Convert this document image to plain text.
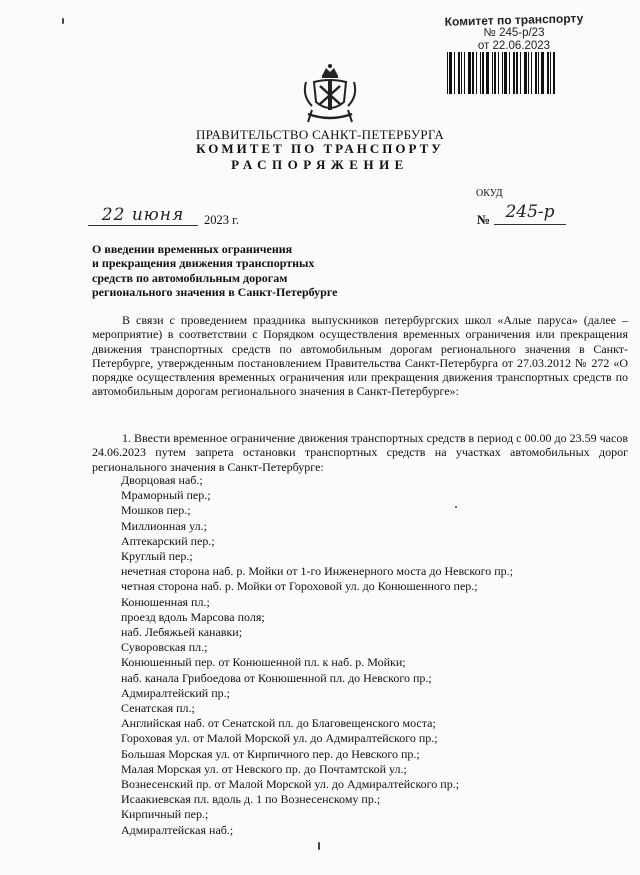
Комитет по транспорту
№ 245-р/23
от 22.06.2023
ПРАВИТЕЛЬСТВО САНКТ-ПЕТЕРБУРГА
КОМИТЕТ ПО ТРАНСПОРТУ
РАСПОРЯЖЕНИЕ
ОКУД
22 июня	2023 г.	№ 245-р
О введении временных ограничения
и прекращения движения транспортных
средств по автомобильным дорогам
регионального значения в Санкт-Петербурге
В связи с проведением праздника выпускников петербургских школ «Алые паруса» (далее – мероприятие) в соответствии с Порядком осуществления временных ограничения или прекращения движения транспортных средств по автомобильным дорогам регионального значения в Санкт-Петербурге, утвержденным постановлением Правительства Санкт-Петербурга от 27.03.2012 № 272 «О порядке осуществления временных ограничения или прекращения движения транспортных средств по автомобильным дорогам регионального значения в Санкт-Петербурге»:
1. Ввести временное ограничение движения транспортных средств в период с 00.00 до 23.59 часов 24.06.2023 путем запрета остановки транспортных средств на участках автомобильных дорог регионального значения в Санкт-Петербурге:
Дворцовая наб.;
Мраморный пер.;
Мошков пер.;
Миллионная ул.;
Аптекарский пер.;
Круглый пер.;
нечетная сторона наб. р. Мойки от 1-го Инженерного моста до Невского пр.;
четная сторона наб. р. Мойки от Гороховой ул. до Конюшенного пер.;
Конюшенная пл.;
проезд вдоль Марсова поля;
наб. Лебяжьей канавки;
Суворовская пл.;
Конюшенный пер. от Конюшенной пл. к наб. р. Мойки;
наб. канала Грибоедова от Конюшенной пл. до Невского пр.;
Адмиралтейский пр.;
Сенатская пл.;
Английская наб. от Сенатской пл. до Благовещенского моста;
Гороховая ул. от Малой Морской ул. до Адмиралтейского пр.;
Большая Морская ул. от Кирпичного пер. до Невского пр.;
Малая Морская ул. от Невского пр. до Почтамтской ул.;
Вознесенский пр. от Малой Морской ул. до Адмиралтейского пр.;
Исаакиевская пл. вдоль д. 1 по Вознесенскому пр.;
Кирпичный пер.;
Адмиралтейская наб.;
